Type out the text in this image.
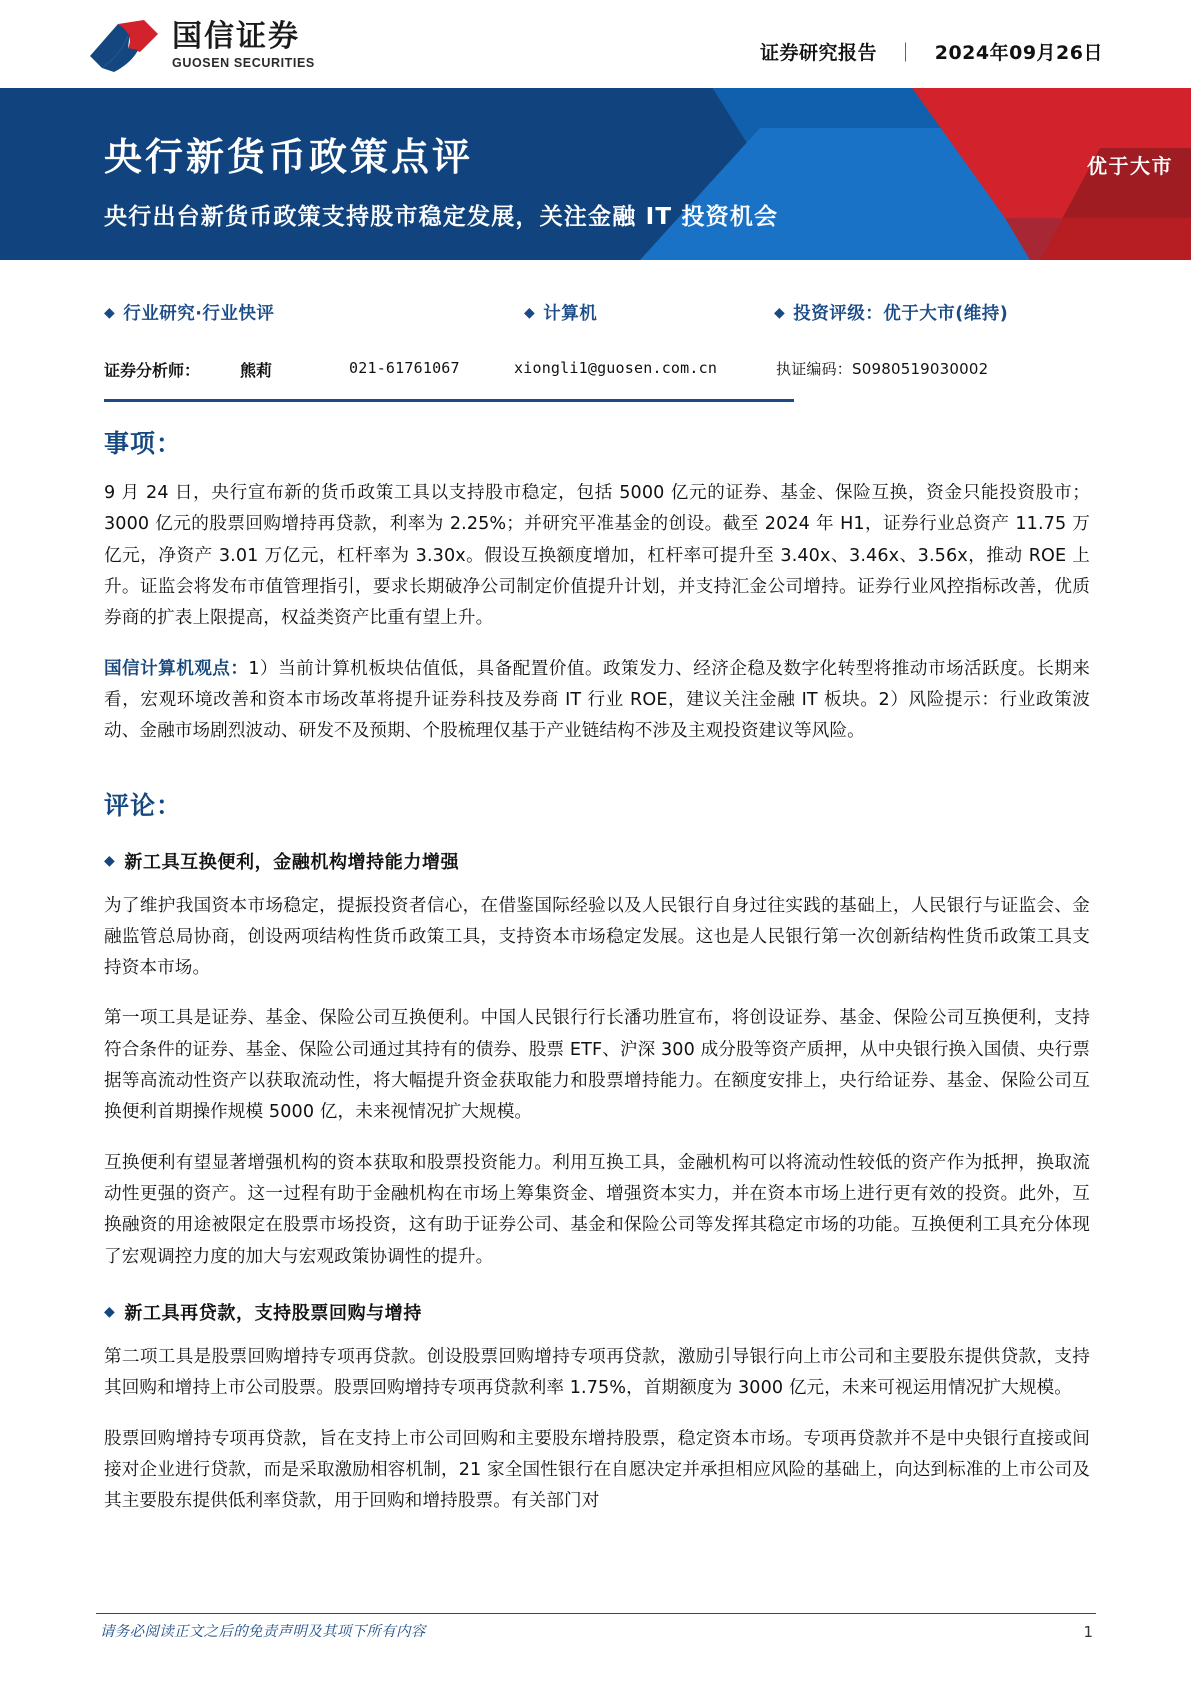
国信证券
GUOSEN SECURITIES	证券研究报告 ｜ 2024年09月26日
央行新货币政策点评
央行出台新货币政策支持股市稳定发展，关注金融 IT 投资机会
优于大市
◆ 行业研究·行业快评	◆ 计算机	◆ 投资评级：优于大市(维持)
证券分析师： 熊莉	021-61761067	xiongli1@guosen.com.cn	执证编码：S0980519030002
事项：

9 月 24 日，央行宣布新的货币政策工具以支持股市稳定，包括 5000 亿元的证券、基金、保险互换，资金只能投资股市；3000 亿元的股票回购增持再贷款，利率为 2.25%；并研究平准基金的创设。截至 2024 年 H1，证券行业总资产 11.75 万亿元，净资产 3.01 万亿元，杠杆率为 3.30x。假设互换额度增加，杠杆率可提升至 3.40x、3.46x、3.56x，推动 ROE 上升。证监会将发布市值管理指引，要求长期破净公司制定价值提升计划，并支持汇金公司增持。证券行业风控指标改善，优质券商的扩表上限提高，权益类资产比重有望上升。

国信计算机观点：1）当前计算机板块估值低，具备配置价值。政策发力、经济企稳及数字化转型将推动市场活跃度。长期来看，宏观环境改善和资本市场改革将提升证券科技及券商 IT 行业 ROE，建议关注金融 IT 板块。2）风险提示：行业政策波动、金融市场剧烈波动、研发不及预期、个股梳理仅基于产业链结构不涉及主观投资建议等风险。

评论：
◆ 新工具互换便利，金融机构增持能力增强

为了维护我国资本市场稳定，提振投资者信心，在借鉴国际经验以及人民银行自身过往实践的基础上，人民银行与证监会、金融监管总局协商，创设两项结构性货币政策工具，支持资本市场稳定发展。这也是人民银行第一次创新结构性货币政策工具支持资本市场。

第一项工具是证券、基金、保险公司互换便利。中国人民银行行长潘功胜宣布，将创设证券、基金、保险公司互换便利，支持符合条件的证券、基金、保险公司通过其持有的债券、股票 ETF、沪深 300 成分股等资产质押，从中央银行换入国债、央行票据等高流动性资产以获取流动性，将大幅提升资金获取能力和股票增持能力。在额度安排上，央行给证券、基金、保险公司互换便利首期操作规模 5000 亿，未来视情况扩大规模。

互换便利有望显著增强机构的资本获取和股票投资能力。利用互换工具，金融机构可以将流动性较低的资产作为抵押，换取流动性更强的资产。这一过程有助于金融机构在市场上筹集资金、增强资本实力，并在资本市场上进行更有效的投资。此外，互换融资的用途被限定在股票市场投资，这有助于证券公司、基金和保险公司等发挥其稳定市场的功能。互换便利工具充分体现了宏观调控力度的加大与宏观政策协调性的提升。

◆ 新工具再贷款，支持股票回购与增持

第二项工具是股票回购增持专项再贷款。创设股票回购增持专项再贷款，激励引导银行向上市公司和主要股东提供贷款，支持其回购和增持上市公司股票。股票回购增持专项再贷款利率 1.75%，首期额度为 3000 亿元，未来可视运用情况扩大规模。

股票回购增持专项再贷款，旨在支持上市公司回购和主要股东增持股票，稳定资本市场。专项再贷款并不是中央银行直接或间接对企业进行贷款，而是采取激励相容机制，21 家全国性银行在自愿决定并承担相应风险的基础上，向达到标准的上市公司及其主要股东提供低利率贷款，用于回购和增持股票。有关部门对

请务必阅读正文之后的免责声明及其项下所有内容	1
